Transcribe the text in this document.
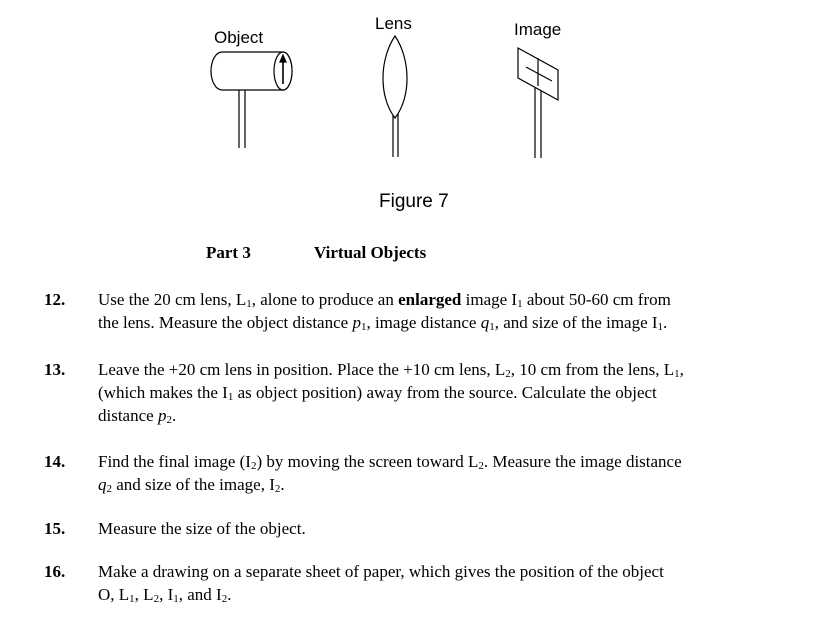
Object
Lens	Image
Figure 7
Part 3	Virtual Objects
12. Use the 20 cm lens, $L_1$, alone to produce an enlarged image $I_1$ about 50-60 cm from

the lens. Measure the object distance $p_1$, image distance $q_1$, and size of the image $I_1$.

13. Leave the +20 cm lens in position. Place the +10 cm lens, $L_2$, 10 cm from the lens, $L_1$,

(which makes the $I_1$ as object position) away from the source. Calculate the object

distance $p_2$.

14. Find the final image $(I_2)$ by moving the screen toward $L_2$. Measure the image distance

$q_2$ and size of the image, $I_2$.

15. Measure the size of the object.

16. Make a drawing on a separate sheet of paper, which gives the position of the object

O, $L_1$, $L_2$, $I_1$, and $I_2$.
